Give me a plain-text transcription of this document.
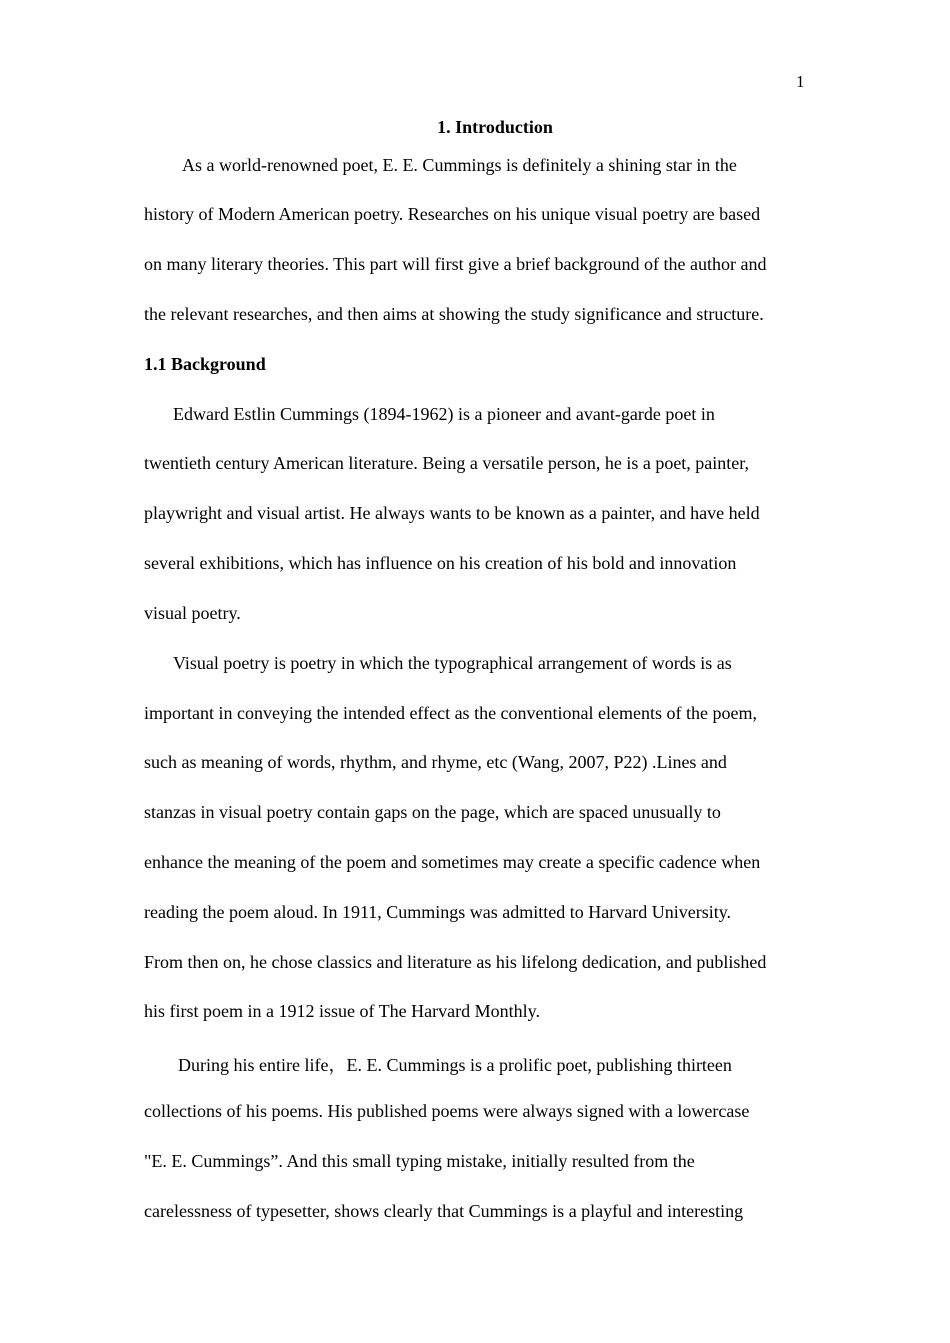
1
1. Introduction
As a world-renowned poet, E. E. Cummings is definitely a shining star in the
history of Modern American poetry. Researches on his unique visual poetry are based
on many literary theories. This part will first give a brief background of the author and
the relevant researches, and then aims at showing the study significance and structure.
1.1 Background
Edward Estlin Cummings (1894-1962) is a pioneer and avant-garde poet in
twentieth century American literature. Being a versatile person, he is a poet, painter,
playwright and visual artist. He always wants to be known as a painter, and have held
several exhibitions, which has influence on his creation of his bold and innovation
visual poetry.
Visual poetry is poetry in which the typographical arrangement of words is as
important in conveying the intended effect as the conventional elements of the poem,
such as meaning of words, rhythm, and rhyme, etc (Wang, 2007, P22) .Lines and
stanzas in visual poetry contain gaps on the page, which are spaced unusually to
enhance the meaning of the poem and sometimes may create a specific cadence when
reading the poem aloud. In 1911, Cummings was admitted to Harvard University.
From then on, he chose classics and literature as his lifelong dedication, and published
his first poem in a 1912 issue of The Harvard Monthly.
During his entire life，E. E. Cummings is a prolific poet, publishing thirteen
collections of his poems. His published poems were always signed with a lowercase
"E. E. Cummings”. And this small typing mistake, initially resulted from the
carelessness of typesetter, shows clearly that Cummings is a playful and interesting
